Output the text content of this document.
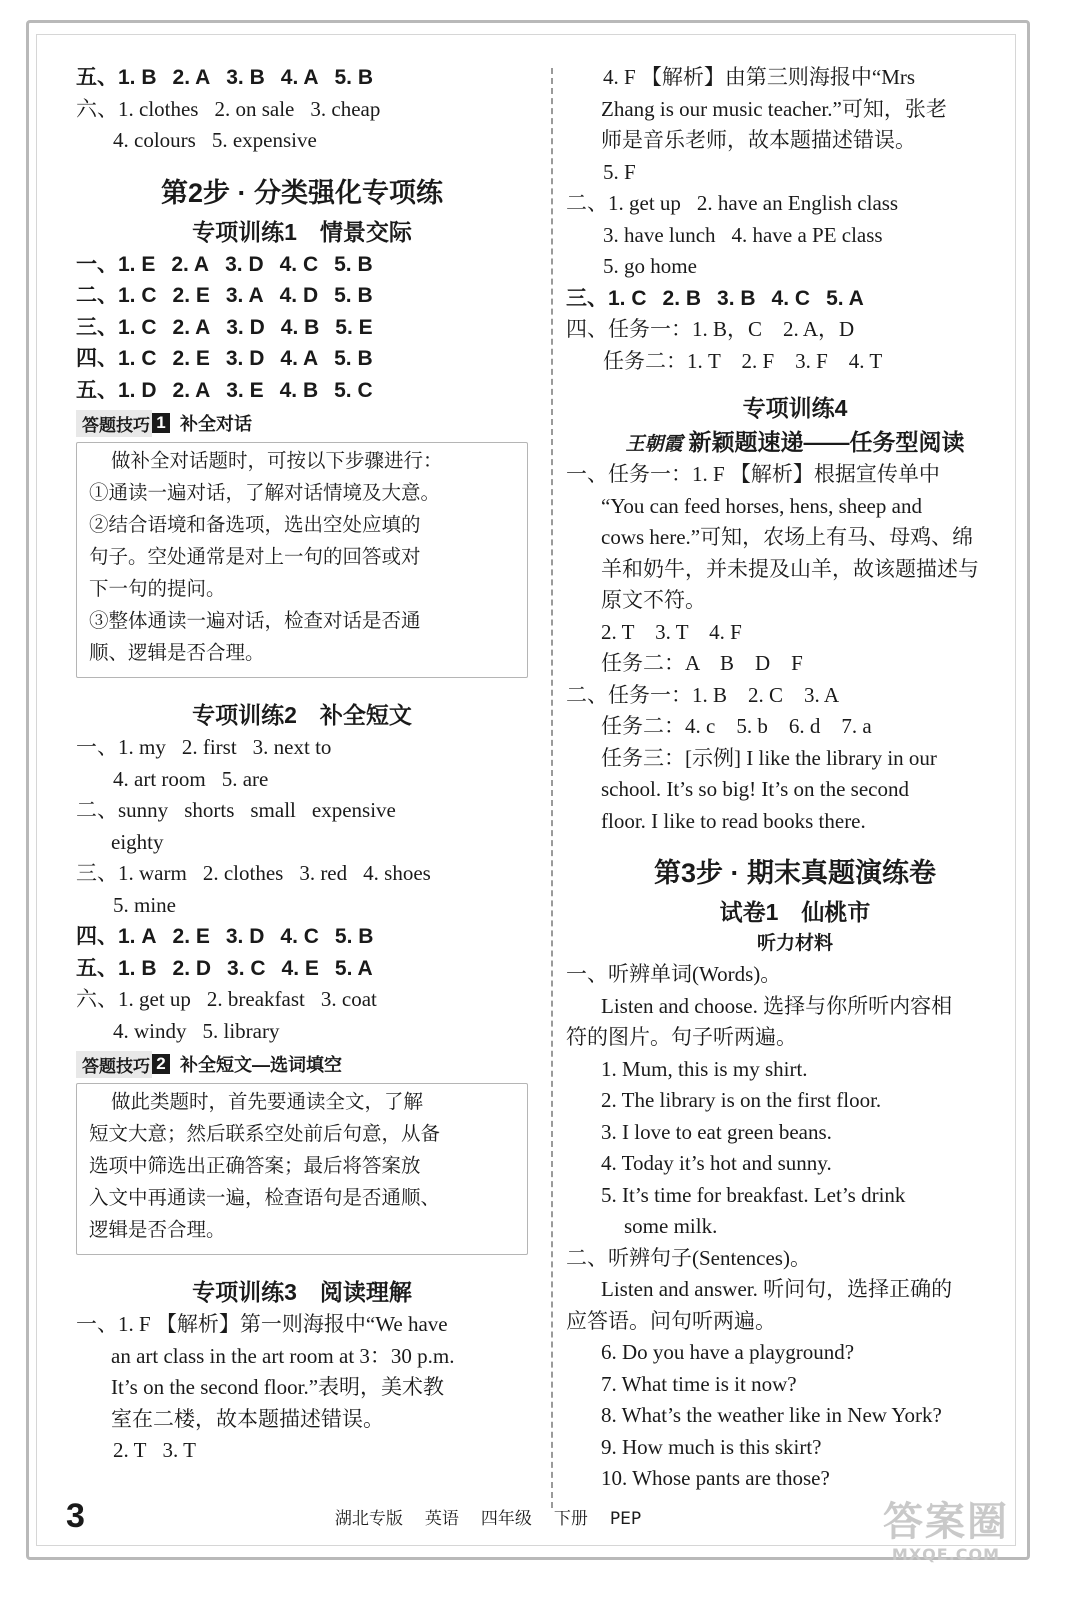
五、1. B 2. A 3. B 4. A 5. B
六、1. clothes 2. on sale 3. cheap
4. colours 5. expensive
第2步 · 分类强化专项练
专项训练1　情景交际
一、1. E 2. A 3. D 4. C 5. B
二、1. C 2. E 3. A 4. D 5. B
三、1. C 2. A 3. D 4. B 5. E
四、1. C 2. E 3. D 4. A 5. B
五、1. D 2. A 3. E 4. B 5. C
答题技巧 1 补全对话
做补全对话题时，可按以下步骤进行：
①通读一遍对话，了解对话情境及大意。
②结合语境和备选项，选出空处应填的
句子。空处通常是对上一句的回答或对
下一句的提问。
③整体通读一遍对话，检查对话是否通
顺、逻辑是否合理。
专项训练2　补全短文
一、1. my 2. first 3. next to
4. art room 5. are
二、sunny shorts small expensive
eighty
三、1. warm 2. clothes 3. red 4. shoes
5. mine
四、1. A 2. E 3. D 4. C 5. B
五、1. B 2. D 3. C 4. E 5. A
六、1. get up 2. breakfast 3. coat
4. windy 5. library
答题技巧 2 补全短文—选词填空
做此类题时，首先要通读全文，了解
短文大意；然后联系空处前后句意，从备
选项中筛选出正确答案；最后将答案放
入文中再通读一遍，检查语句是否通顺、
逻辑是否合理。
专项训练3　阅读理解
一、1. F 【解析】第一则海报中“We have
an art class in the art room at 3：30 p.m.
It’s on the second floor.”表明，美术教
室在二楼，故本题描述错误。
2. T 3. T
4. F 【解析】由第三则海报中“Mrs
Zhang is our music teacher.”可知，张老
师是音乐老师，故本题描述错误。
5. F
二、1. get up 2. have an English class
3. have lunch 4. have a PE class
5. go home
三、1. C 2. B 3. B 4. C 5. A
四、任务一：1. B，C　2. A，D
任务二：1. T　2. F　3. F　4. T
专项训练4
王朝霞 新颖题速递——任务型阅读
一、任务一：1. F 【解析】根据宣传单中
“You can feed horses, hens, sheep and
cows here.”可知，农场上有马、母鸡、绵
羊和奶牛，并未提及山羊，故该题描述与
原文不符。
2. T　3. T　4. F
任务二：A　B　D　F
二、任务一：1. B　2. C　3. A
任务二：4. c　5. b　6. d　7. a
任务三：[示例] I like the library in our
school. It’s so big! It’s on the second
floor. I like to read books there.
第3步 · 期末真题演练卷
试卷1　仙桃市
听力材料
一、听辨单词(Words)。
Listen and choose. 选择与你所听内容相
符的图片。句子听两遍。
1. Mum, this is my shirt.
2. The library is on the first floor.
3. I love to eat green beans.
4. Today it’s hot and sunny.
5. It’s time for breakfast. Let’s drink
some milk.
二、听辨句子(Sentences)。
Listen and answer. 听问句，选择正确的
应答语。问句听两遍。
6. Do you have a playground?
7. What time is it now?
8. What’s the weather like in New York?
9. How much is this skirt?
10. Whose pants are those?
3	湖北专版 英语 四年级 下册 PEP	答案圈
MXQE.COM
